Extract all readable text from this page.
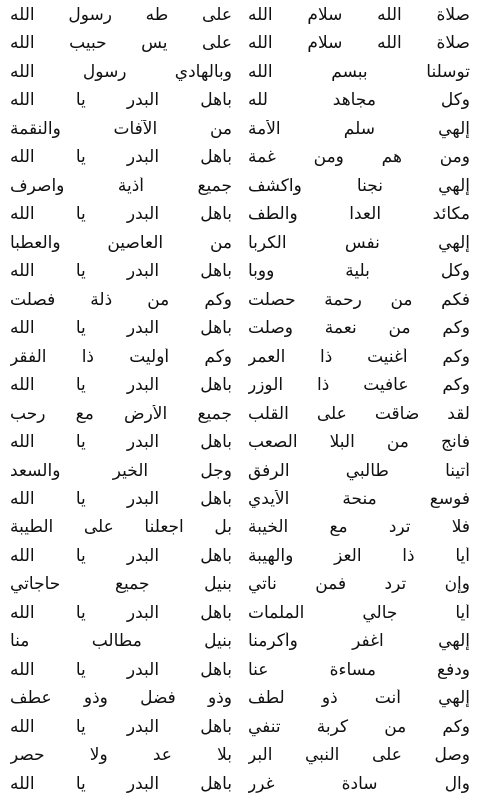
صلاة الله سلام الله
صلاة الله سلام الله
توسلنا ببسم الله
وكل مجاهد لله
إلهي سلم الأمة
ومن هم ومن غمة
إلهي نجنا واكشف
مكائد العدا والطف
إلهي نفس الكربا
وكل بلية ووبا
فكم من رحمة حصلت
وكم من نعمة وصلت
وكم أغنيت ذا العمر
وكم عافيت ذا الوزر
لقد ضاقت على القلب
فأنج من البلا الصعب
أتينا طالبي الرفق
فوسع منحة الأيدي
فلا ترد مع الخيبة
أيا ذا العز والهيبة
وإن ترد فمن نأتي
أيا جالي الملمات
إلهي اغفر وأكرمنا
ودفع مساءة عنا
إلهي أنت ذو لطف
وكم من كربة تنفي
وصل على النبي البر
وآل سادة غرر
على طه رسول الله
على يس حبيب الله
وبالهادي رسول الله
بأهل البدر يا الله
من الآفات والنقمة
بأهل البدر يا الله
جميع أذية واصرف
بأهل البدر يا الله
من العاصين والعطبا
بأهل البدر يا الله
وكم من ذلة فصلت
بأهل البدر يا الله
وكم أوليت ذا الفقر
بأهل البدر يا الله
جميع الأرض مع رحب
بأهل البدر يا الله
وجل الخير والسعد
بأهل البدر يا الله
بل اجعلنا على الطيبة
بأهل البدر يا الله
بنيل جميع حاجاتي
بأهل البدر يا الله
بنيل مطالب منا
بأهل البدر يا الله
وذو فضل وذو عطف
بأهل البدر يا الله
بلا عد ولا حصر
بأهل البدر يا الله
